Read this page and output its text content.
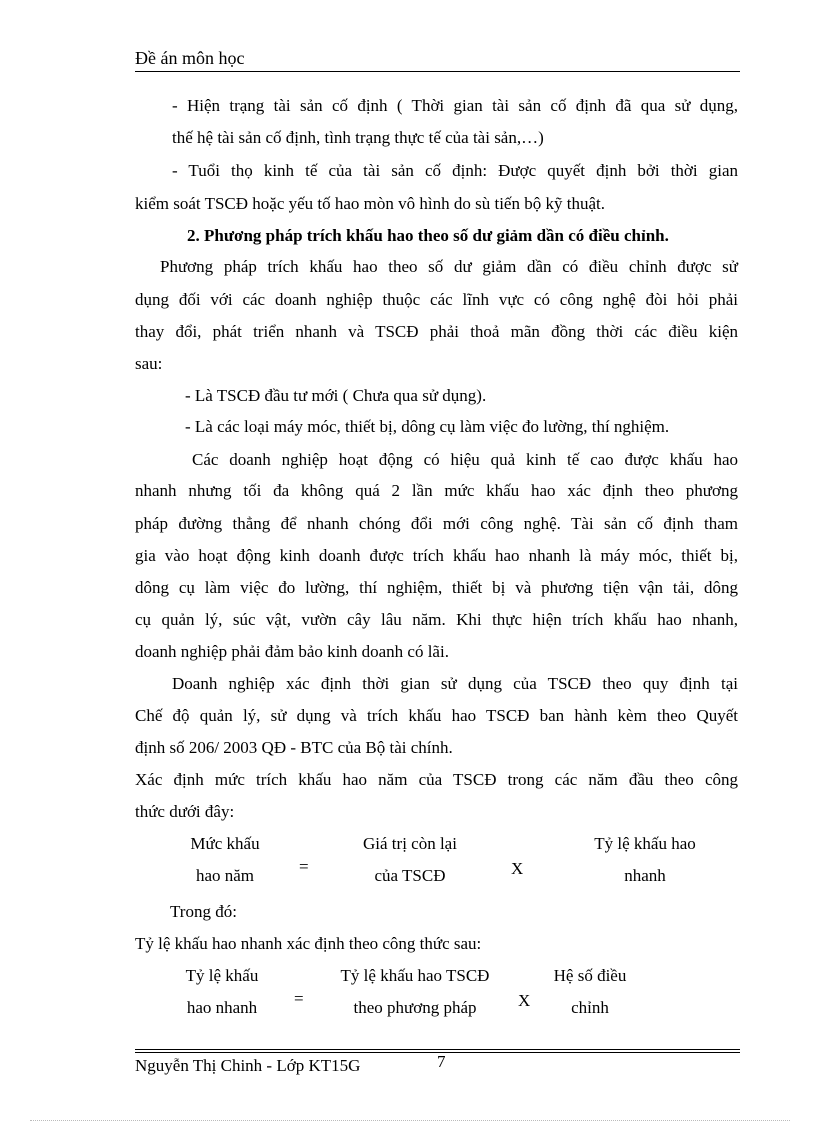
Đề án môn học
- Hiện trạng tài sản cố định ( Thời gian tài sản cố định đã qua sử dụng,
thế hệ tài sản cố định, tình trạng thực tế của tài sản,…)
- Tuổi thọ kinh tế của tài sản cố định: Được quyết định bởi thời gian
kiểm soát TSCĐ hoặc yếu tố hao mòn vô hình do sù tiến bộ kỹ thuật.
2. Phương pháp trích khấu hao theo số dư giảm dần có điều chỉnh.
Phương pháp trích khấu hao theo số dư giảm dần có điều chỉnh được sử
dụng đối với các doanh nghiệp thuộc các lĩnh vực có công nghệ đòi hỏi phải
thay đổi, phát triển nhanh và TSCĐ phải thoả mãn đồng thời các điều kiện
sau:
- Là TSCĐ đầu tư mới ( Chưa qua sử dụng).
- Là các loại máy móc, thiết bị, dông cụ làm việc đo lường, thí nghiệm.
Các doanh nghiệp hoạt động có hiệu quả kinh tế cao được khấu hao
nhanh nhưng tối đa không quá 2 lần mức khấu hao xác định theo phương
pháp đường thẳng để nhanh chóng đổi mới công nghệ. Tài sản cố định tham
gia vào hoạt động kinh doanh được trích khấu hao nhanh là máy móc, thiết bị,
dông cụ làm việc đo lường, thí nghiệm, thiết bị và phương tiện vận tải, dông
cụ quản lý, súc vật, vườn cây lâu năm. Khi thực hiện trích khấu hao nhanh,
doanh nghiệp phải đảm bảo kinh doanh có lãi.
Doanh nghiệp xác định thời gian sử dụng của TSCĐ theo quy định tại
Chế độ quản lý, sử dụng và trích khấu hao TSCĐ ban hành kèm theo Quyết
định số 206/ 2003 QĐ - BTC của Bộ tài chính.
Xác định mức trích khấu hao năm của TSCĐ trong các năm đầu theo công
thức dưới đây:
Mức khấu
hao năm	=
Giá trị còn lại
của TSCĐ	X
Tỷ lệ khấu hao
nhanh
Trong đó:
Tỷ lệ khấu hao nhanh xác định theo công thức sau:
Tỷ lệ khấu
hao nhanh	=
Tỷ lệ khấu hao TSCĐ
theo phương pháp	X
Hệ số điều
chỉnh
Nguyễn Thị Chinh - Lớp KT15G	7
